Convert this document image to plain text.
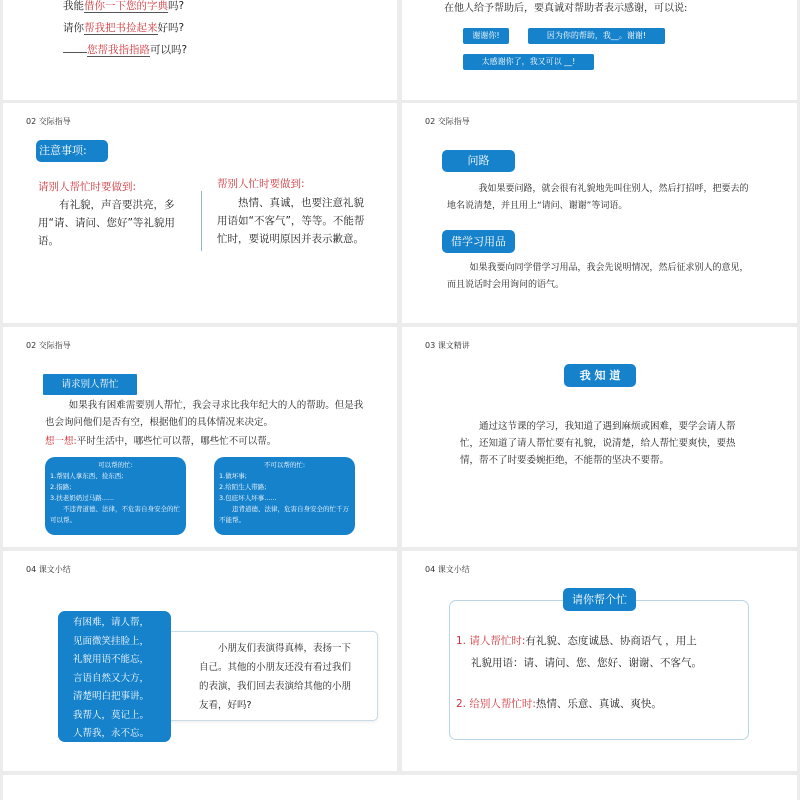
我能借你一下您的字典吗?
请你帮我把书捡起来好吗?
您帮我指指路可以吗?
在他人给予帮助后，要真诚对帮助者表示感谢，可以说:
谢谢你!	因为你的帮助，我__。谢谢!
太感谢你了，我又可以 __!
02 交际指导
注意事项:
请别人帮忙时要做到:
有礼貌，声音要洪亮，多用“请、请问、您好”等礼貌用语。
帮别人忙时要做到:
热情、真诚，也要注意礼貌用语如“不客气”，等等。不能帮忙时，要说明原因并表示歉意。
02 交际指导
问路
我如果要问路，就会很有礼貌地先叫住别人，然后打招呼，把要去的地名说清楚，并且用上“请问、谢谢”等词语。
借学习用品
如果我要向同学借学习用品，我会先说明情况，然后征求别人的意见，而且说话时会用询问的语气。
02 交际指导
请求别人帮忙
如果我有困难需要别人帮忙，我会寻求比我年纪大的人的帮助。但是我也会询问他们是否有空，根据他们的具体情况来决定。
想一想:平时生活中，哪些忙可以帮，哪些忙不可以帮。
可以帮的忙:
1.帮别人拿东西、捡东西;
2.指路;
3.扶老奶奶过马路......
不违背道德、法律，不危害自身安全的忙可以帮。
不可以帮的忙:
1.做坏事;
2.给陌生人带路;
3.包庇坏人坏事......
违背道德、法律，危害自身安全的忙千万不能帮。
03 课文精讲
我 知 道
通过这节课的学习，我知道了遇到麻烦或困难，要学会请人帮忙，还知道了请人帮忙要有礼貌，说清楚，给人帮忙要爽快，要热情，帮不了时要委婉拒绝，不能帮的坚决不要帮。
04 课文小结
小朋友们表演得真棒，表扬一下自己。其他的小朋友还没有看过我们的表演，我们回去表演给其他的小朋友看，好吗?
有困难，请人帮，
见面微笑挂脸上，
礼貌用语不能忘，
言语自然又大方，
清楚明白把事讲。
我帮人，莫记上。
人帮我，永不忘。
04 课文小结
请你帮个忙
1. 请人帮忙时:有礼貌、态度诚恳、协商语气 ，用上
礼貌用语：请、请问、您、您好、谢谢、不客气。
2. 给别人帮忙时:热情、乐意、真诚、爽快。
